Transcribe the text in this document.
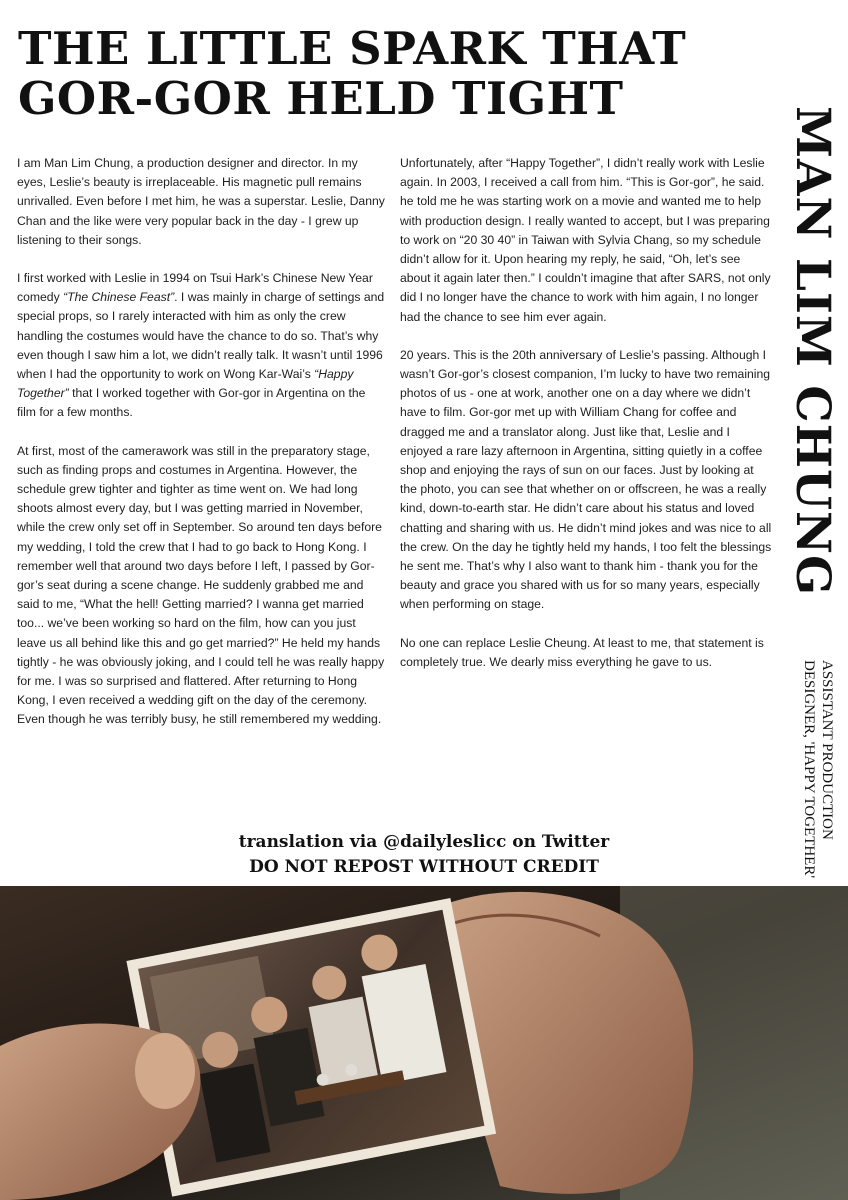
THE LITTLE SPARK THAT
GOR-GOR HELD TIGHT

I am Man Lim Chung, a production designer and director. In my eyes, Leslie’s beauty is irreplaceable. His magnetic pull remains unrivalled. Even before I met him, he was a superstar. Leslie, Danny Chan and the like were very popular back in the day - I grew up listening to their songs.

I first worked with Leslie in 1994 on Tsui Hark’s Chinese New Year comedy “The Chinese Feast”. I was mainly in charge of settings and special props, so I rarely interacted with him as only the crew handling the costumes would have the chance to do so. That’s why even though I saw him a lot, we didn’t really talk. It wasn’t until 1996 when I had the opportunity to work on Wong Kar-Wai’s “Happy Together” that I worked together with Gor-gor in Argentina on the film for a few months.

At first, most of the camerawork was still in the preparatory stage, such as finding props and costumes in Argentina. However, the schedule grew tighter and tighter as time went on. We had long shoots almost every day, but I was getting married in November, while the crew only set off in September. So around ten days before my wedding, I told the crew that I had to go back to Hong Kong. I remember well that around two days before I left, I passed by Gor-gor’s seat during a scene change. He suddenly grabbed me and said to me, “What the hell! Getting married? I wanna get married too... we’ve been working so hard on the film, how can you just leave us all behind like this and go get married?” He held my hands tightly - he was obviously joking, and I could tell he was really happy for me. I was so surprised and flattered. After returning to Hong Kong, I even received a wedding gift on the day of the ceremony. Even though he was terribly busy, he still remembered my wedding.

Unfortunately, after “Happy Together”, I didn’t really work with Leslie again. In 2003, I received a call from him. “This is Gor-gor”, he said. he told me he was starting work on a movie and wanted me to help with production design. I really wanted to accept, but I was preparing to work on “20 30 40” in Taiwan with Sylvia Chang, so my schedule didn’t allow for it. Upon hearing my reply, he said, “Oh, let’s see about it again later then.” I couldn’t imagine that after SARS, not only did I no longer have the chance to work with him again, I no longer had the chance to see him ever again.

20 years. This is the 20th anniversary of Leslie’s passing. Although I wasn’t Gor-gor’s closest companion, I’m lucky to have two remaining photos of us - one at work, another one on a day where we didn’t have to film. Gor-gor met up with William Chang for coffee and dragged me and a translator along. Just like that, Leslie and I enjoyed a rare lazy afternoon in Argentina, sitting quietly in a coffee shop and enjoying the rays of sun on our faces. Just by looking at the photo, you can see that whether on or offscreen, he was a really kind, down-to-earth star. He didn’t care about his status and loved chatting and sharing with us. He didn’t mind jokes and was nice to all the crew. On the day he tightly held my hands, I too felt the blessings he sent me. That’s why I also want to thank him - thank you for the beauty and grace you shared with us for so many years, especially when performing on stage.

No one can replace Leslie Cheung. At least to me, that statement is completely true. We dearly miss everything he gave to us.

MAN LIM CHUNG
ASSISTANT PRODUCTION
DESIGNER, 'HAPPY TOGETHER'
translation via @dailyleslicc on Twitter
DO NOT REPOST WITHOUT CREDIT
